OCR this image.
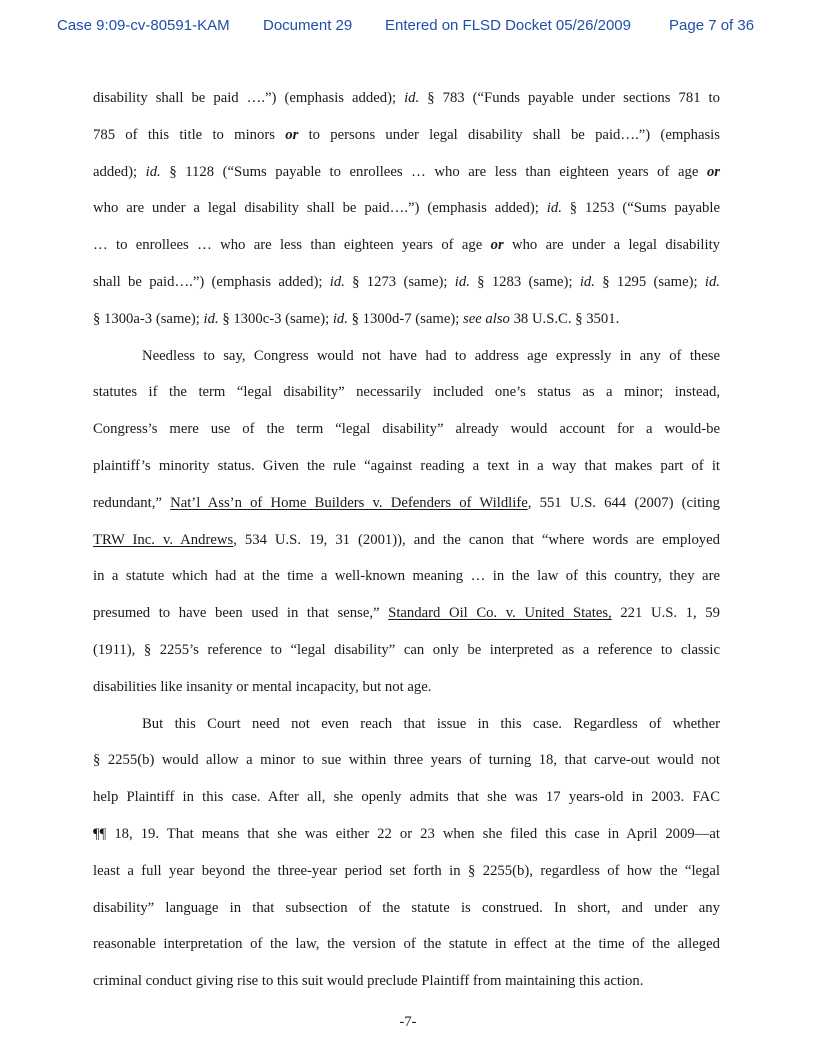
Case 9:09-cv-80591-KAM Document 29 Entered on FLSD Docket 05/26/2009	Page 7 of 36
disability shall be paid ….”) (emphasis added); id. § 783 (“Funds payable under sections 781 to
785 of this title to minors or to persons under legal disability shall be paid….”) (emphasis
added); id. § 1128 (“Sums payable to enrollees … who are less than eighteen years of age or
who are under a legal disability shall be paid….”) (emphasis added); id. § 1253 (“Sums payable
… to enrollees … who are less than eighteen years of age or who are under a legal disability
shall be paid….”) (emphasis added); id. § 1273 (same); id. § 1283 (same); id. § 1295 (same); id.
§ 1300a-3 (same); id. § 1300c-3 (same); id. § 1300d-7 (same); see also 38 U.S.C. § 3501.
Needless to say, Congress would not have had to address age expressly in any of these
statutes if the term “legal disability” necessarily included one’s status as a minor; instead,
Congress’s mere use of the term “legal disability” already would account for a would-be
plaintiff’s minority status. Given the rule “against reading a text in a way that makes part of it
redundant,” Nat’l Ass’n of Home Builders v. Defenders of Wildlife, 551 U.S. 644 (2007) (citing
TRW Inc. v. Andrews, 534 U.S. 19, 31 (2001)), and the canon that “where words are employed
in a statute which had at the time a well-known meaning … in the law of this country, they are
presumed to have been used in that sense,” Standard Oil Co. v. United States, 221 U.S. 1, 59
(1911), § 2255’s reference to “legal disability” can only be interpreted as a reference to classic
disabilities like insanity or mental incapacity, but not age.
But this Court need not even reach that issue in this case. Regardless of whether
§ 2255(b) would allow a minor to sue within three years of turning 18, that carve-out would not
help Plaintiff in this case. After all, she openly admits that she was 17 years-old in 2003. FAC
¶¶ 18, 19. That means that she was either 22 or 23 when she filed this case in April 2009—at
least a full year beyond the three-year period set forth in § 2255(b), regardless of how the “legal
disability” language in that subsection of the statute is construed. In short, and under any
reasonable interpretation of the law, the version of the statute in effect at the time of the alleged
criminal conduct giving rise to this suit would preclude Plaintiff from maintaining this action.
-7-
